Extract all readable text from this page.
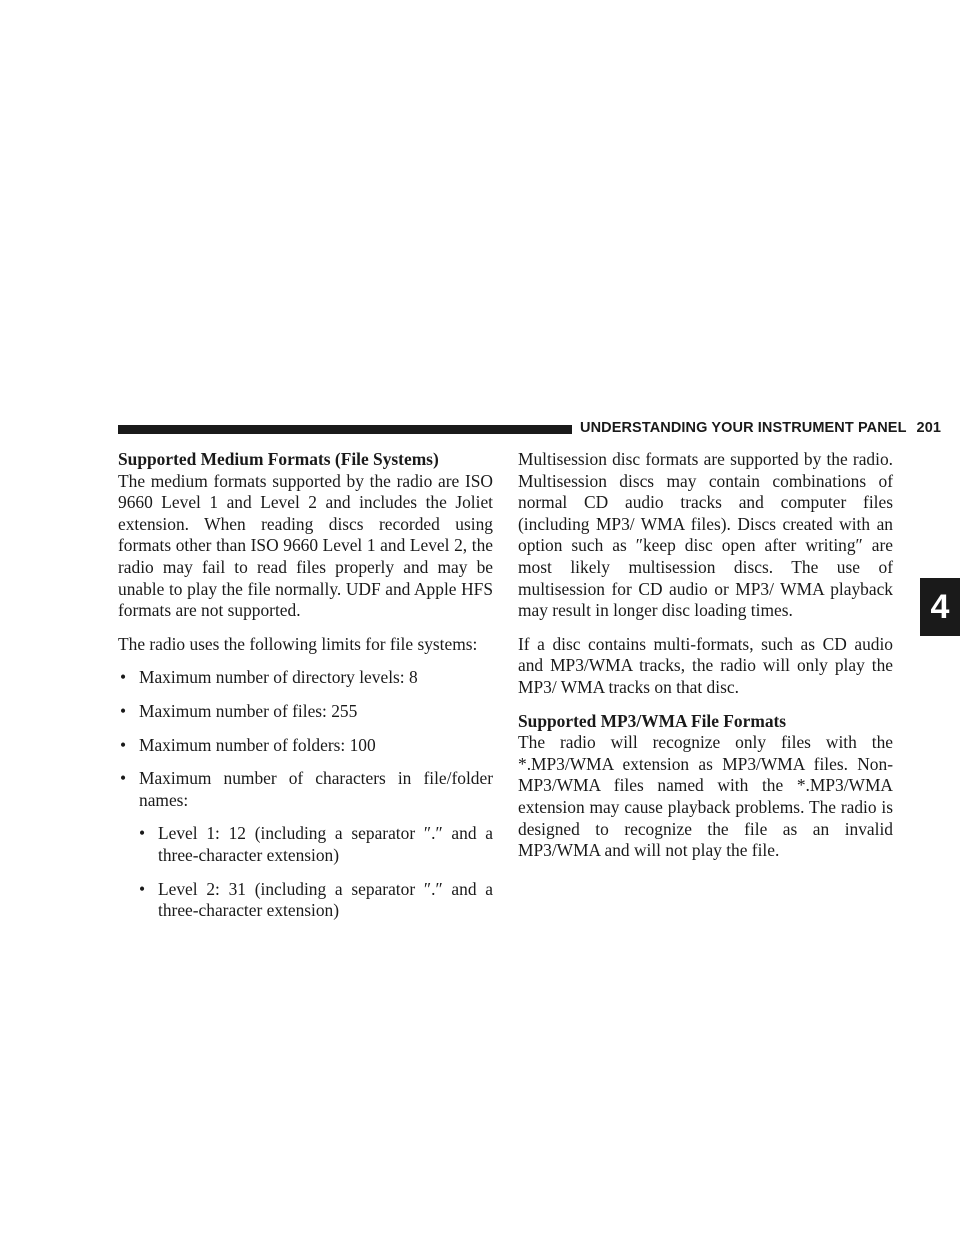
UNDERSTANDING YOUR INSTRUMENT PANEL 201
4

Supported Medium Formats (File Systems)

The medium formats supported by the radio are ISO 9660 Level 1 and Level 2 and includes the Joliet extension. When reading discs recorded using formats other than ISO 9660 Level 1 and Level 2, the radio may fail to read files properly and may be unable to play the file normally. UDF and Apple HFS formats are not supported.

The radio uses the following limits for file systems:

• Maximum number of directory levels: 8
• Maximum number of files: 255
• Maximum number of folders: 100
• Maximum number of characters in file/folder names:
• Level 1: 12 (including a separator ″.″ and a three-character extension)
• Level 2: 31 (including a separator ″.″ and a three-character extension)

Multisession disc formats are supported by the radio. Multisession discs may contain combinations of normal CD audio tracks and computer files (including MP3/ WMA files). Discs created with an option such as ″keep disc open after writing″ are most likely multisession discs. The use of multisession for CD audio or MP3/ WMA playback may result in longer disc loading times.

If a disc contains multi-formats, such as CD audio and MP3/WMA tracks, the radio will only play the MP3/ WMA tracks on that disc.

Supported MP3/WMA File Formats

The radio will recognize only files with the *.MP3/WMA extension as MP3/WMA files. Non-MP3/WMA files named with the *.MP3/WMA extension may cause playback problems. The radio is designed to recognize the file as an invalid MP3/WMA and will not play the file.
